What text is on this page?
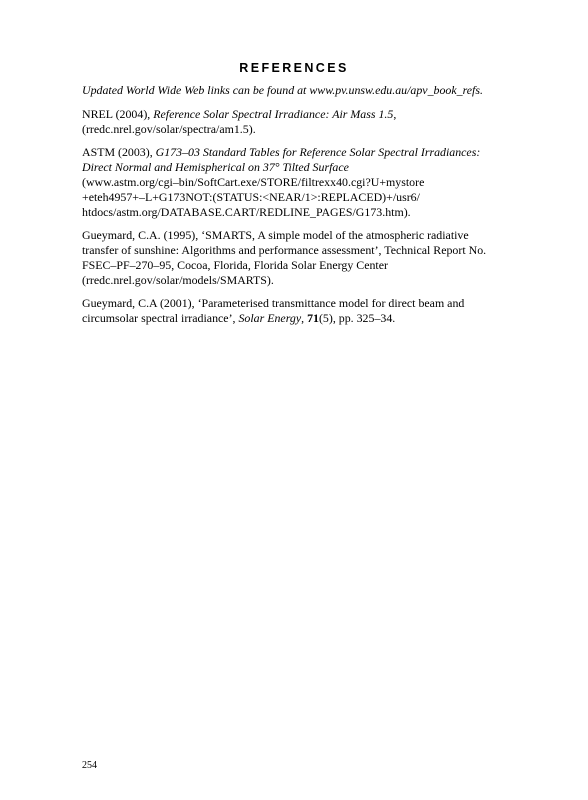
REFERENCES

Updated World Wide Web links can be found at www.pv.unsw.edu.au/apv_book_refs.

NREL (2004), Reference Solar Spectral Irradiance: Air Mass 1.5,
(rredc.nrel.gov/solar/spectra/am1.5).

ASTM (2003), G173–03 Standard Tables for Reference Solar Spectral Irradiances:
Direct Normal and Hemispherical on 37° Tilted Surface
(www.astm.org/cgi–bin/SoftCart.exe/STORE/filtrexx40.cgi?U+mystore
+eteh4957+–L+G173NOT:(STATUS:<NEAR/1>:REPLACED)+/usr6/
htdocs/astm.org/DATABASE.CART/REDLINE_PAGES/G173.htm).

Gueymard, C.A. (1995), ‘SMARTS, A simple model of the atmospheric radiative
transfer of sunshine: Algorithms and performance assessment’, Technical Report No.
FSEC–PF–270–95, Cocoa, Florida, Florida Solar Energy Center
(rredc.nrel.gov/solar/models/SMARTS).

Gueymard, C.A (2001), ‘Parameterised transmittance model for direct beam and
circumsolar spectral irradiance’, Solar Energy, 71(5), pp. 325–34.

254
